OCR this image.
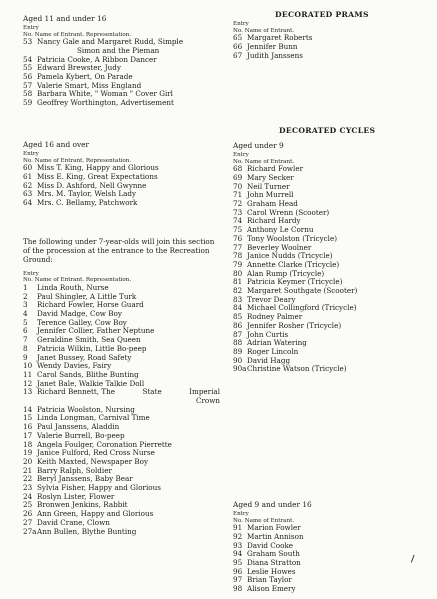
Aged 11 and under 16
Entry
No. Name of Entrant. Representation.
53 Nancy Gale and Margaret Rudd, Simple
Simon and the Pieman
54 Patricia Cooke, A Ribbon Dancer
55 Edward Brewster, Judy
56 Pamela Kybert, On Parade
57 Valerie Smart, Miss England
58 Barbara White, " Woman " Cover Girl
59 Geoffrey Worthington, Advertisement
Aged 16 and over
Entry
No. Name of Entrant. Representation.
60 Miss T. King, Happy and Glorious
61 Miss E. King, Great Expectations
62 Miss D. Ashford, Nell Gwynne
63 Mrs. M. Taylor, Welsh Lady
64 Mrs. C. Bellamy, Patchwork
The following under 7-year-olds will join this section of the procession at the entrance to the Recreation Ground:
Entry
No. Name of Entrant. Representation.
1	Linda Routh, Nurse
2	Paul Shingler, A Little Turk
3	Richard Fowler, Horse Guard
4	David Madge, Cow Boy
5	Terence Galley, Cow Boy
6	Jennifer Collier, Father Neptune
7	Geraldine Smith, Sea Queen
8	Patricia Wilkin, Little Bo-peep
9	Janet Bussey, Road Safety
10 Wendy Davies, Fairy
11 Carol Sands, Blithe Bunting
12 Janet Bale, Walkie Talkie Doll
13 Richard Bennett, The	State	Imperial
Crown
14 Patricia Woolston, Nursing
15 Linda Longman, Carnival Time
16 Paul Janssens, Aladdin
17 Valerie Burrell, Bo-peep
18 Angela Foulger, Coronation Pierrette
19 Janice Fulford, Red Cross Nurse
20 Keith Maxted, Newspaper Boy
21 Barry Ralph, Soldier
22 Beryl Janssens, Baby Bear
23 Sylvia Fisher, Happy and Glorious
24 Roslyn Lister, Flower
25 Bronwen Jenkins, Rabbit
26 Ann Green, Happy and Glorious
27 David Crane, Clown
27a Ann Bullen, Blythe Bunting
DECORATED PRAMS
Entry
No. Name of Entrant.
65 Margaret Roberts
66 Jennifer Bunn
67 Judith Janssens
DECORATED CYCLES
Aged under 9
Entry
No. Name of Entrant.
68 Richard Fowler
69 Mary Secker
70 Neil Turner
71 John Murrell
72 Graham Head
73 Carol Wrenn (Scooter)
74 Richard Hardy
75 Anthony Le Cornu
76 Tony Woolston (Tricycle)
77 Beverley Woolner
78 Janice Nudds (Tricycle)
79 Annette Clarke (Tricycle)
80 Alan Rump (Tricycle)
81 Patricia Keymer (Tricycle)
82 Margaret Southgate (Scooter)
83 Trevor Deary
84 Michael Collingford (Tricycle)
85 Rodney Palmer
86 Jennifer Rosher (Tricycle)
87 John Curtis
88 Adrian Watering
89 Roger Lincoln
90 David Hagg
90a Christine Watson (Tricycle)
Aged 9 and under 16
Entry
No. Name of Entrant.
91 Marion Fowler
92 Martin Annison
93 David Cooke
94 Graham South
95 Diana Stratton
96 Leslie Howes
97 Brian Taylor
98 Alison Emery
